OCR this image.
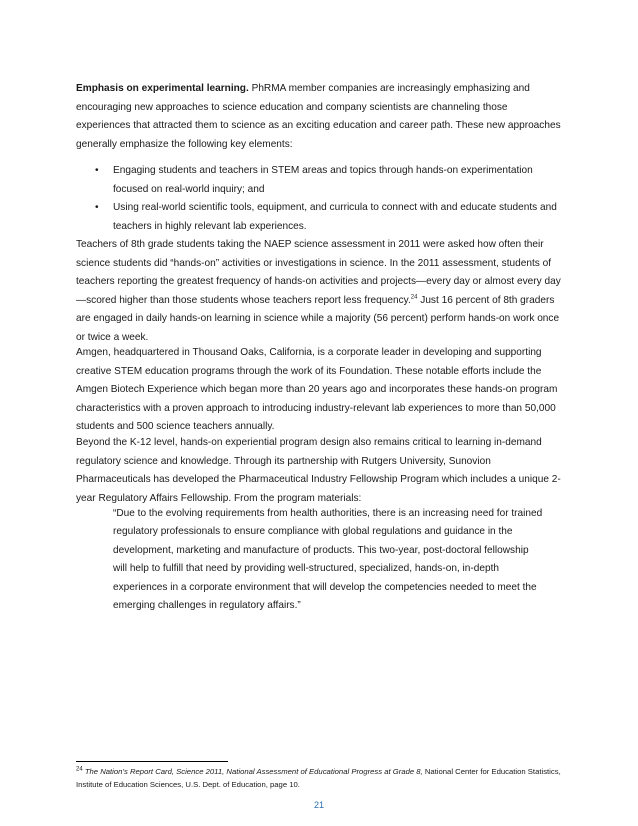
Emphasis on experimental learning. PhRMA member companies are increasingly emphasizing and encouraging new approaches to science education and company scientists are channeling those experiences that attracted them to science as an exciting education and career path. These new approaches generally emphasize the following key elements:

• Engaging students and teachers in STEM areas and topics through hands-on experimentation focused on real-world inquiry; and
• Using real-world scientific tools, equipment, and curricula to connect with and educate students and teachers in highly relevant lab experiences.

Teachers of 8th grade students taking the NAEP science assessment in 2011 were asked how often their science students did “hands-on” activities or investigations in science. In the 2011 assessment, students of teachers reporting the greatest frequency of hands-on activities and projects—every day or almost every day—scored higher than those students whose teachers report less frequency.$^{24}$ Just 16 percent of 8th graders are engaged in daily hands-on learning in science while a majority (56 percent) perform hands-on work once or twice a week.

Amgen, headquartered in Thousand Oaks, California, is a corporate leader in developing and supporting creative STEM education programs through the work of its Foundation. These notable efforts include the Amgen Biotech Experience which began more than 20 years ago and incorporates these hands-on program characteristics with a proven approach to introducing industry-relevant lab experiences to more than 50,000 students and 500 science teachers annually.

Beyond the K-12 level, hands-on experiential program design also remains critical to learning in-demand regulatory science and knowledge. Through its partnership with Rutgers University, Sunovion Pharmaceuticals has developed the Pharmaceutical Industry Fellowship Program which includes a unique 2-year Regulatory Affairs Fellowship. From the program materials:

“Due to the evolving requirements from health authorities, there is an increasing need for trained regulatory professionals to ensure compliance with global regulations and guidance in the development, marketing and manufacture of products. This two-year, post-doctoral fellowship will help to fulfill that need by providing well-structured, specialized, hands-on, in-depth experiences in a corporate environment that will develop the competencies needed to meet the emerging challenges in regulatory affairs.”

$^{24}$ The Nation’s Report Card, Science 2011, National Assessment of Educational Progress at Grade 8, National Center for Education Statistics, Institute of Education Sciences, U.S. Dept. of Education, page 10.
21
